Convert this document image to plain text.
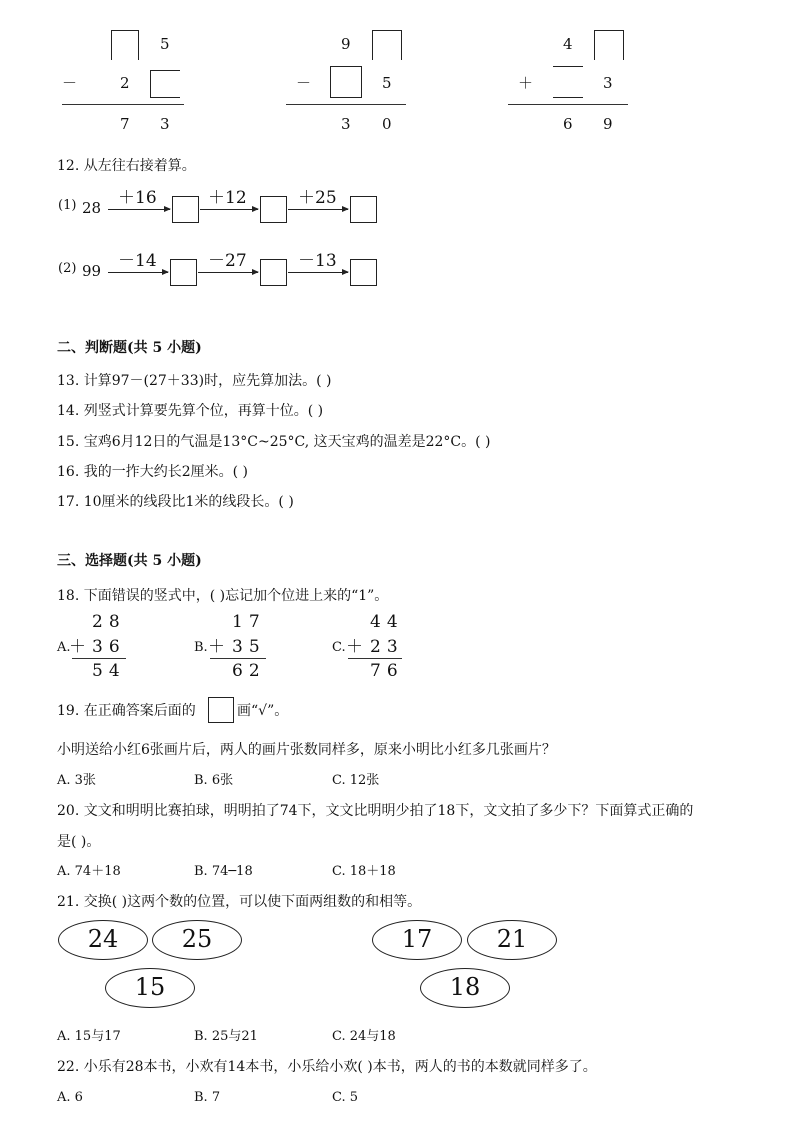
5
－	2
7 3
9
－	5
3 0
4
＋	3
6 9
12. 从左往右接着算。
(1) 28 ＋16	＋12	＋25
(2) 99 －14	－27	－13
二、判断题(共 5 小题)
13. 计算97－(27＋33)时，应先算加法。( )
14. 列竖式计算要先算个位，再算十位。( )
15. 宝鸡6月12日的气温是13°C~25°C, 这天宝鸡的温差是22°C。( )
16. 我的一拃大约长2厘米。( )
17. 10厘米的线段比1米的线段长。( )
三、选择题(共 5 小题)
18. 下面错误的竖式中，( )忘记加个位进上来的“1”。
A.
28
＋ 36
54
B.
17
＋ 35
62
C.
44
＋ 23
76
19. 在正确答案后面的	画“√”。
小明送给小红6张画片后，两人的画片张数同样多，原来小明比小红多几张画片？
A. 3张	B. 6张	C. 12张
20. 文文和明明比赛拍球，明明拍了74下，文文比明明少拍了18下，文文拍了多少下？下面算式正确的
是( )。
A. 74＋18	B. 74─18	C. 18＋18
21. 交换( )这两个数的位置，可以使下面两组数的和相等。
24	25
15
17	21
18
A. 15与17	B. 25与21	C. 24与18
22. 小乐有28本书，小欢有14本书，小乐给小欢( )本书，两人的书的本数就同样多了。
A. 6	B. 7	C. 5
